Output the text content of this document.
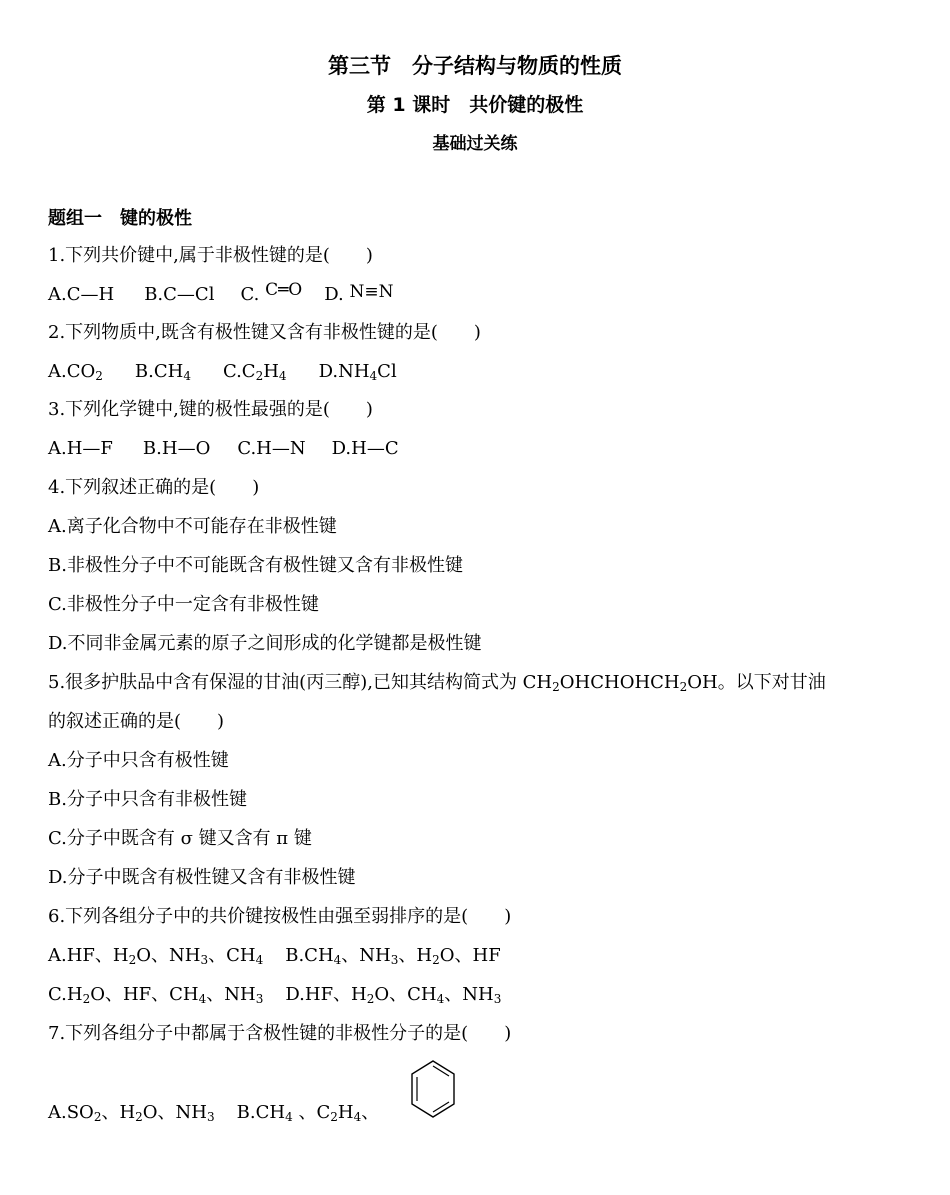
第三节　分子结构与物质的性质
第 1 课时　共价键的极性
基础过关练
题组一　键的极性
1.下列共价键中,属于非极性键的是(　　)
A.C—H B.C—Cl C. C═O D. N≡N
2.下列物质中,既含有极性键又含有非极性键的是(　　)
$A.CO_2$ $B.CH_4$ $C.C_2H_4$ $D.NH_4Cl$
3.下列化学键中,键的极性最强的是(　　)
A.H—F B.H—O C.H—N D.H—C
4.下列叙述正确的是(　　)
A.离子化合物中不可能存在非极性键
B.非极性分子中不可能既含有极性键又含有非极性键
C.非极性分子中一定含有非极性键
D.不同非金属元素的原子之间形成的化学键都是极性键
5.很多护肤品中含有保湿的甘油(丙三醇),已知其结构简式为 $CH_2OHCHOHCH_2OH$。以下对甘油
的叙述正确的是(　　)
A.分子中只含有极性键
B.分子中只含有非极性键
C.分子中既含有 σ 键又含有 π 键
D.分子中既含有极性键又含有非极性键
6.下列各组分子中的共价键按极性由强至弱排序的是(　　)
A.HF、$H_2O$、$NH_3$、$CH_4$ $B.CH_4$、$NH_3$、$H_2O$、HF
$C.H_2O$、HF、$CH_4$、$NH_3$ D.HF、$H_2O$、$CH_4$、$NH_3$
7.下列各组分子中都属于含极性键的非极性分子的是(　　)
$A.SO_2$、$H_2O$、$NH_3$ $B.CH_4$ 、$C_2H_4$、
